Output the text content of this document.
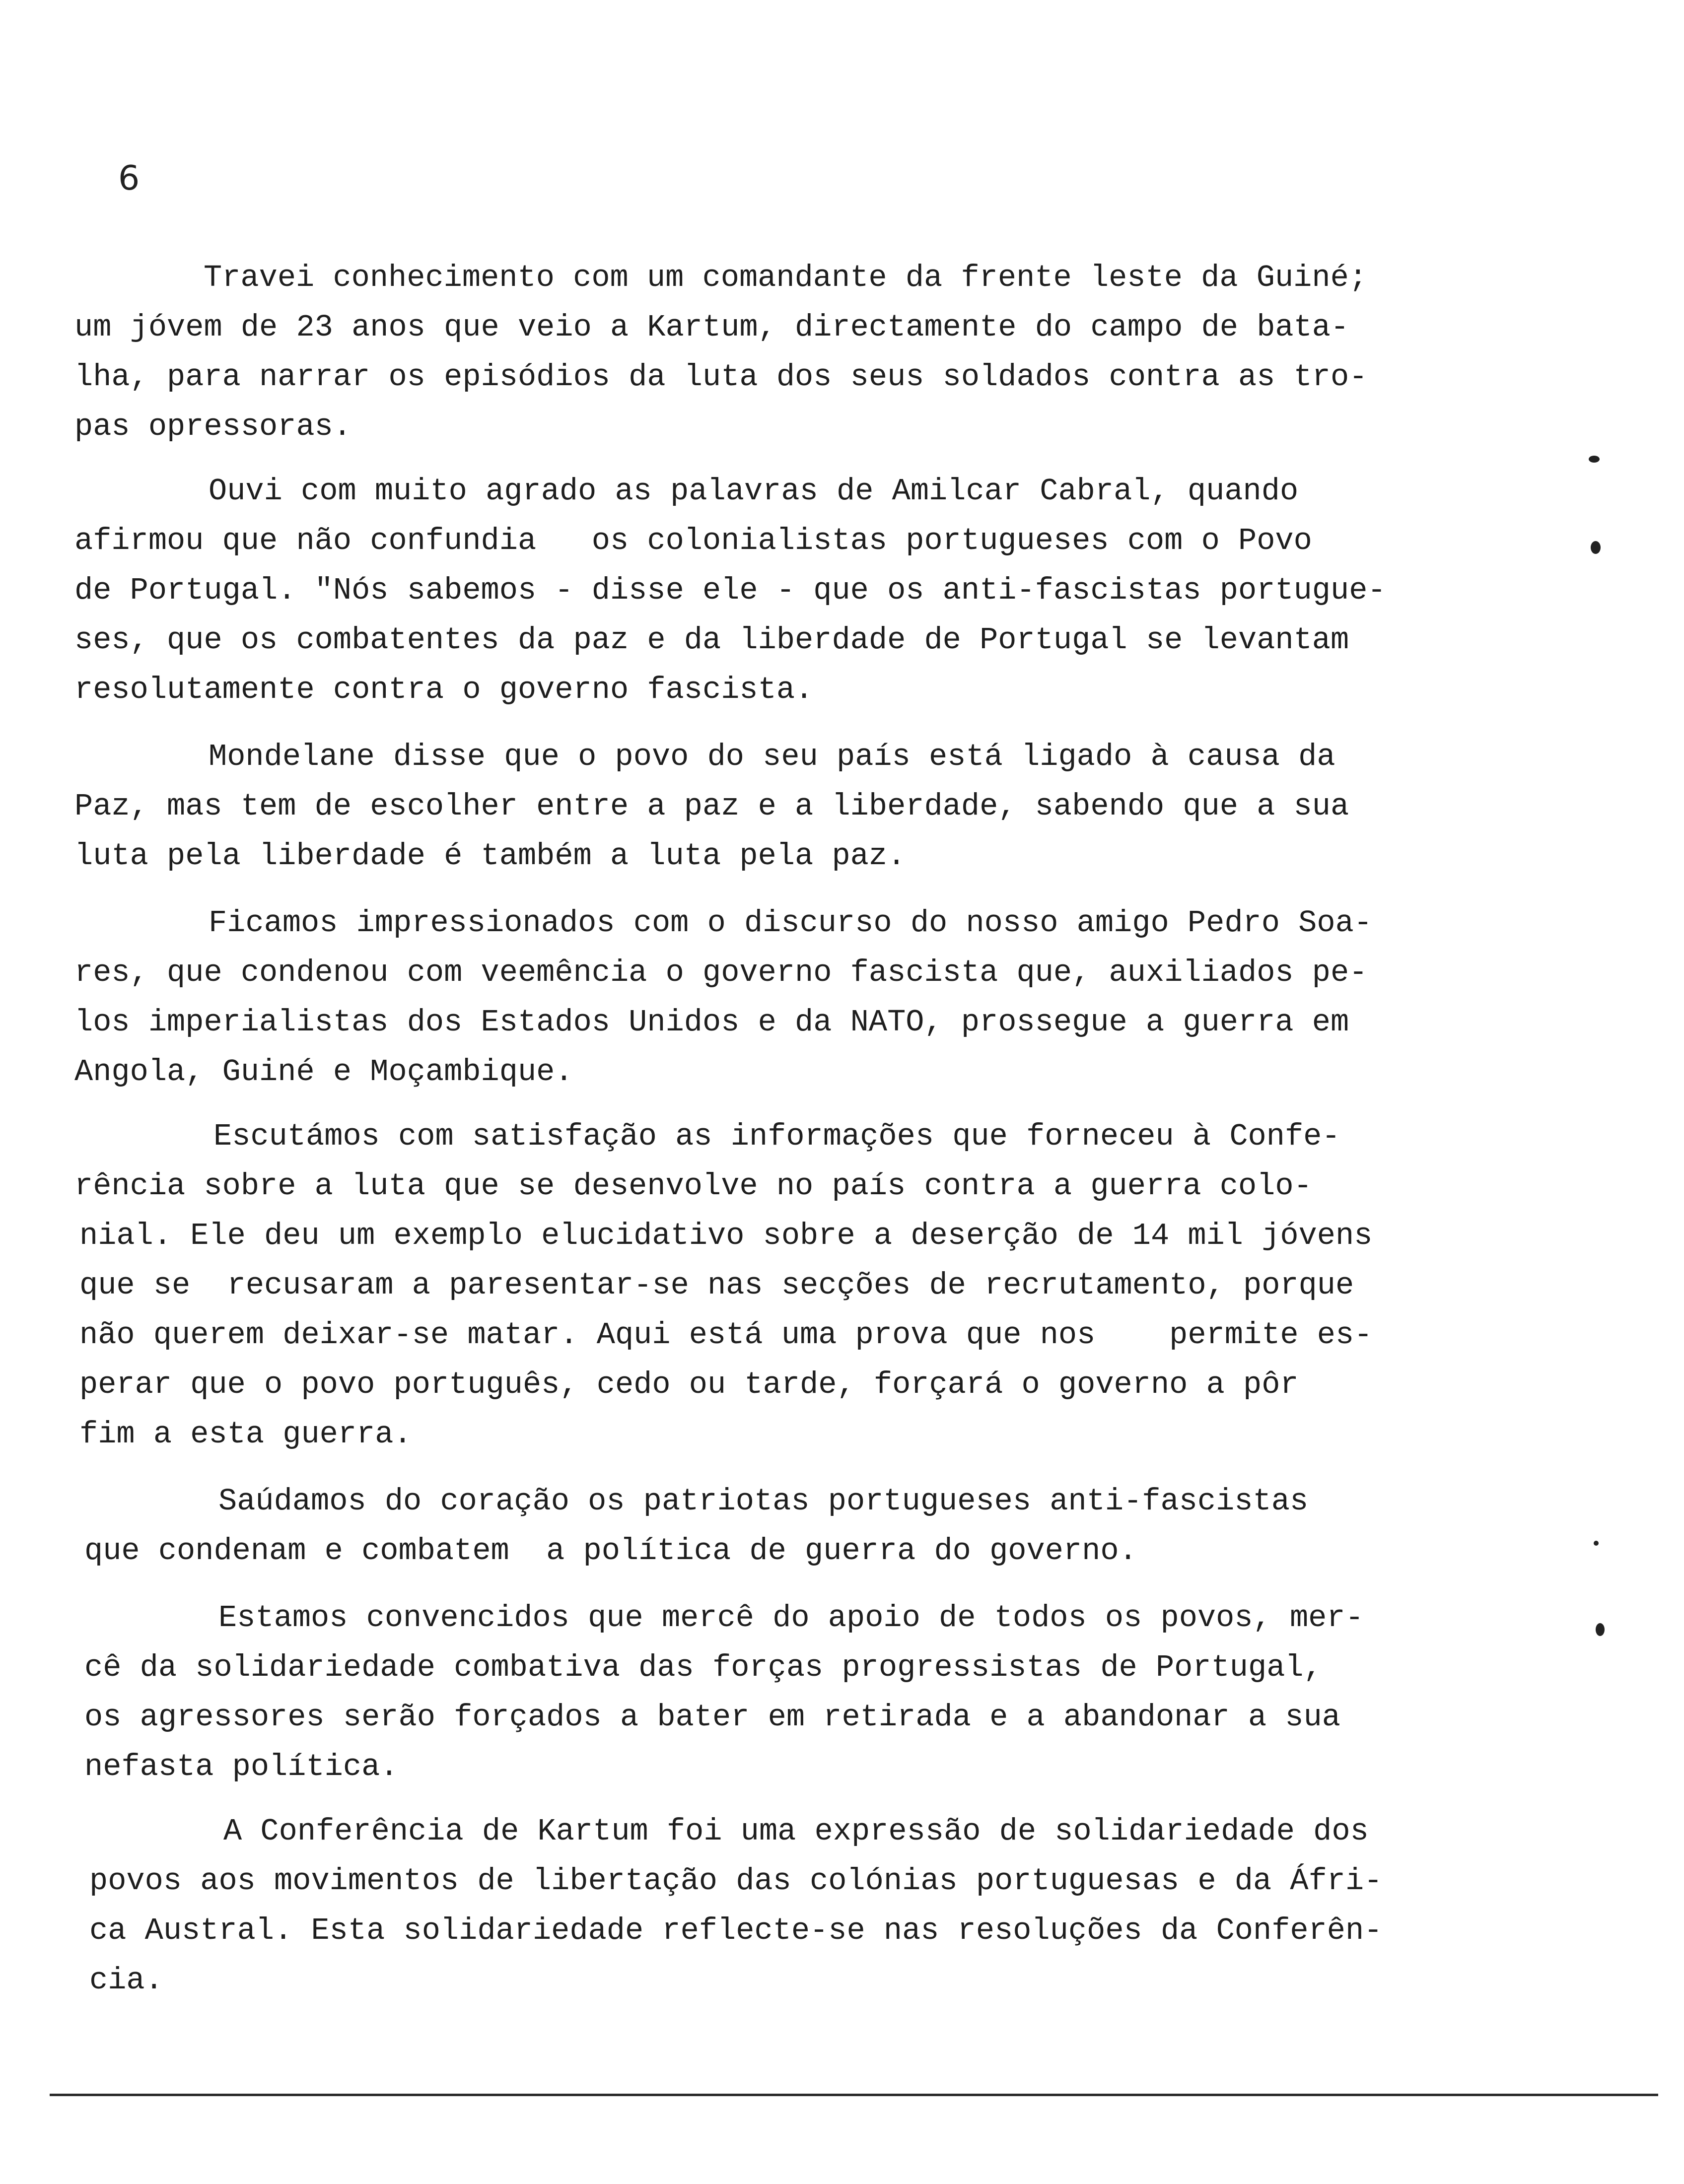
6
Travei conhecimento com um comandante da frente leste da Guiné;
um jóvem de 23 anos que veio a Kartum, directamente do campo de bata-
lha, para narrar os episódios da luta dos seus soldados contra as tro-
pas opressoras.
Ouvi com muito agrado as palavras de Amilcar Cabral, quando
afirmou que não confundia   os colonialistas portugueses com o Povo
de Portugal. "Nós sabemos - disse ele - que os anti-fascistas portugue-
ses, que os combatentes da paz e da liberdade de Portugal se levantam
resolutamente contra o governo fascista.
Mondelane disse que o povo do seu país está ligado à causa da
Paz, mas tem de escolher entre a paz e a liberdade, sabendo que a sua
luta pela liberdade é também a luta pela paz.
Ficamos impressionados com o discurso do nosso amigo Pedro Soa-
res, que condenou com veemência o governo fascista que, auxiliados pe-
los imperialistas dos Estados Unidos e da NATO, prossegue a guerra em
Angola, Guiné e Moçambique.
Escutámos com satisfação as informações que forneceu à Confe-
rência sobre a luta que se desenvolve no país contra a guerra colo-
nial. Ele deu um exemplo elucidativo sobre a deserção de 14 mil jóvens
que se  recusaram a paresentar-se nas secções de recrutamento, porque
não querem deixar-se matar. Aqui está uma prova que nos    permite es-
perar que o povo português, cedo ou tarde, forçará o governo a pôr
fim a esta guerra.
Saúdamos do coração os patriotas portugueses anti-fascistas
que condenam e combatem  a política de guerra do governo.
Estamos convencidos que mercê do apoio de todos os povos, mer-
cê da solidariedade combativa das forças progressistas de Portugal,
os agressores serão forçados a bater em retirada e a abandonar a sua
nefasta política.
A Conferência de Kartum foi uma expressão de solidariedade dos
povos aos movimentos de libertação das colónias portuguesas e da Áfri-
ca Austral. Esta solidariedade reflecte-se nas resoluções da Conferên-
cia.
